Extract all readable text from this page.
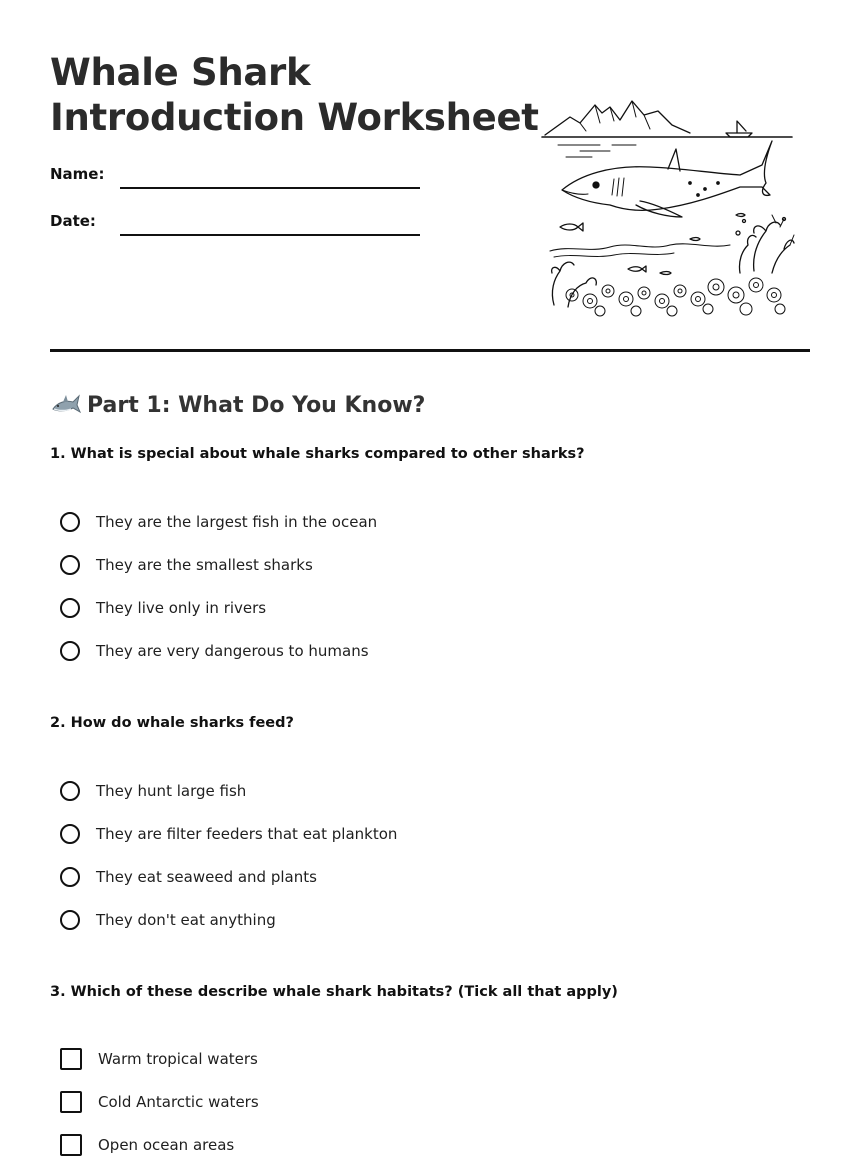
Whale Shark
Introduction Worksheet
Name:
Date:
Part 1: What Do You Know?
1. What is special about whale sharks compared to other sharks?
They are the largest fish in the ocean
They are the smallest sharks
They live only in rivers
They are very dangerous to humans
2. How do whale sharks feed?
They hunt large fish
They are filter feeders that eat plankton
They eat seaweed and plants
They don't eat anything
3. Which of these describe whale shark habitats? (Tick all that apply)
Warm tropical waters
Cold Antarctic waters
Open ocean areas
